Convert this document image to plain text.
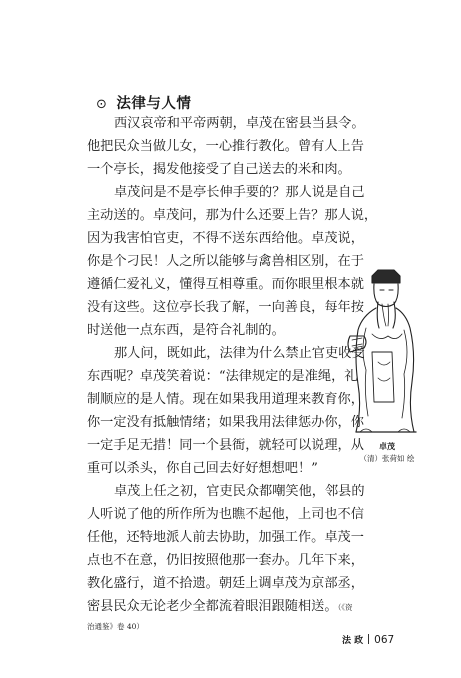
⊙ 法律与人情
西汉哀帝和平帝两朝，卓茂在密县当县令。
他把民众当做儿女，一心推行教化。曾有人上告
一个亭长，揭发他接受了自己送去的米和肉。
卓茂问是不是亭长伸手要的？那人说是自己
主动送的。卓茂问，那为什么还要上告？那人说，
因为我害怕官吏，不得不送东西给他。卓茂说，
你是个刁民！人之所以能够与禽兽相区别，在于
遵循仁爱礼义，懂得互相尊重。而你眼里根本就
没有这些。这位亭长我了解，一向善良，每年按
时送他一点东西，是符合礼制的。
那人问，既如此，法律为什么禁止官吏收受
东西呢？卓茂笑着说：“法律规定的是准绳，礼
制顺应的是人情。现在如果我用道理来教育你，
你一定没有抵触情绪；如果我用法律惩办你，你
一定手足无措！同一个县衙，就轻可以说理，从
重可以杀头，你自己回去好好想想吧！”
卓茂上任之初，官吏民众都嘲笑他，邻县的
人听说了他的所作所为也瞧不起他，上司也不信
任他，还特地派人前去协助，加强工作。卓茂一
点也不在意，仍旧按照他那一套办。几年下来，
教化盛行，道不拾遗。朝廷上调卓茂为京部丞，
密县民众无论老少全都流着眼泪跟随相送。（《资
治通鉴》卷 40）
卓茂
（清）张荷如 绘
法 政 067
